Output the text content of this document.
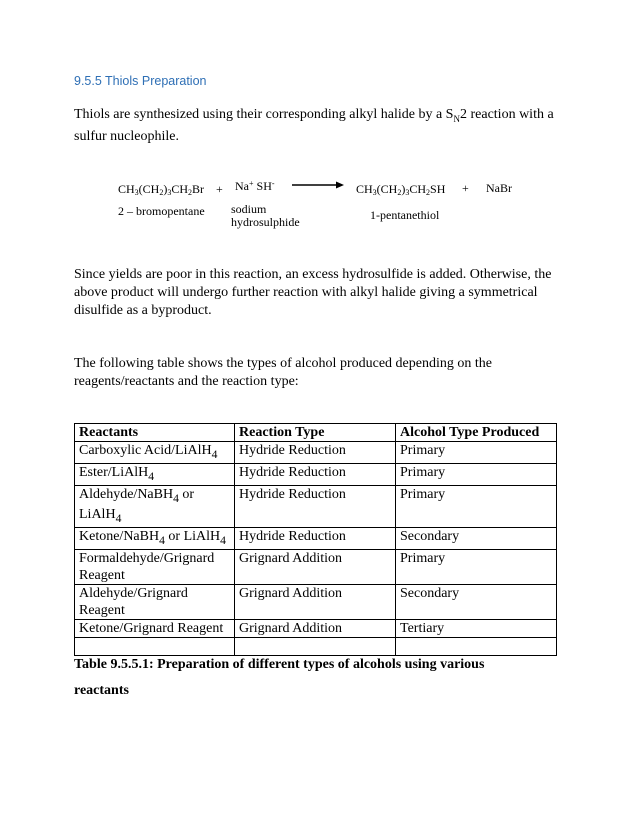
9.5.5 Thiols Preparation
Thiols are synthesized using their corresponding alkyl halide by a $S_N2$ reaction with a sulfur nucleophile.
$CH_3(CH_2)_3CH_2Br + Na^+$ $SH^- \to CH_3(CH_2)_3CH_2SH$ + NaBr
2 – bromopentane sodium
hydrosulphide	1-pentanethiol
Since yields are poor in this reaction, an excess hydrosulfide is added. Otherwise, the above product will undergo further reaction with alkyl halide giving a symmetrical disulfide as a byproduct.
The following table shows the types of alcohol produced depending on the reagents/reactants and the reaction type:
Reactants	Reaction Type	Alcohol Type Produced
Carboxylic Acid/LiAlH$_4$	Hydride Reduction	Primary
Ester/LiAlH$_4$	Hydride Reduction	Primary
Aldehyde/NaBH$_4$ or LiAlH$_4$	Hydride Reduction	Primary
Ketone/NaBH$_4$ or LiAlH$_4$	Hydride Reduction	Secondary
Formaldehyde/Grignard Reagent	Grignard Addition	Primary
Aldehyde/Grignard Reagent	Grignard Addition	Secondary
Ketone/Grignard Reagent	Grignard Addition	Tertiary

Table 9.5.5.1: Preparation of different types of alcohols using various reactants
